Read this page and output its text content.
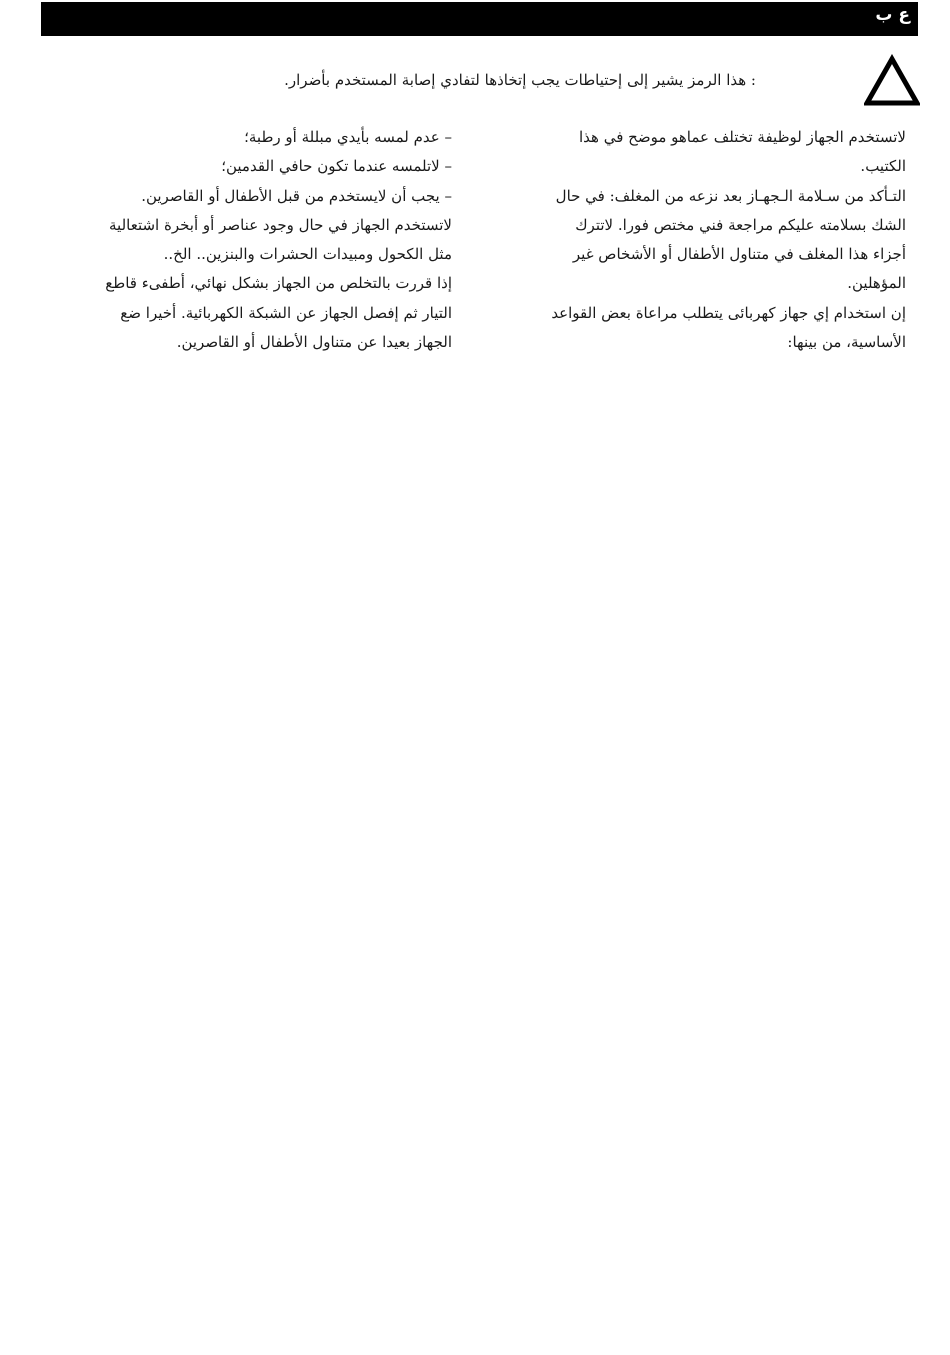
ع ب
: هذا الرمز يشير إلى إحتياطات يجب إتخاذها لتفادي إصابة المستخدم بأضرار.
لاتستخدم الجهاز لوظيفة تختلف عماهو موضح في هذا
الكتيب.
التـأكد من سـلامة الـجهـاز بعد نزعه من المغلف: في حال
الشك بسلامته عليكم مراجعة فني مختص فورا. لاتترك
أجزاء هذا المغلف في متناول الأطفال أو الأشخاص غير
المؤهلين.
إن استخدام إي جهاز كهربائى يتطلب مراعاة بعض القواعد
الأساسية، من بينها:
– عدم لمسه بأيدي مبللة أو رطبة؛
– لاتلمسه عندما تكون حافي القدمين؛
– يجب أن لايستخدم من قبل الأطفال أو القاصرين.
لاتستخدم الجهاز في حال وجود عناصر أو أبخرة اشتعالية
مثل الكحول ومبيدات الحشرات والبنزين.. الخ..
إذا قررت بالتخلص من الجهاز بشكل نهائي، أطفىء قاطع
التيار ثم إفصل الجهاز عن الشبكة الكهربائية. أخيرا ضع
الجهاز بعيدا عن متناول الأطفال أو القاصرين.
